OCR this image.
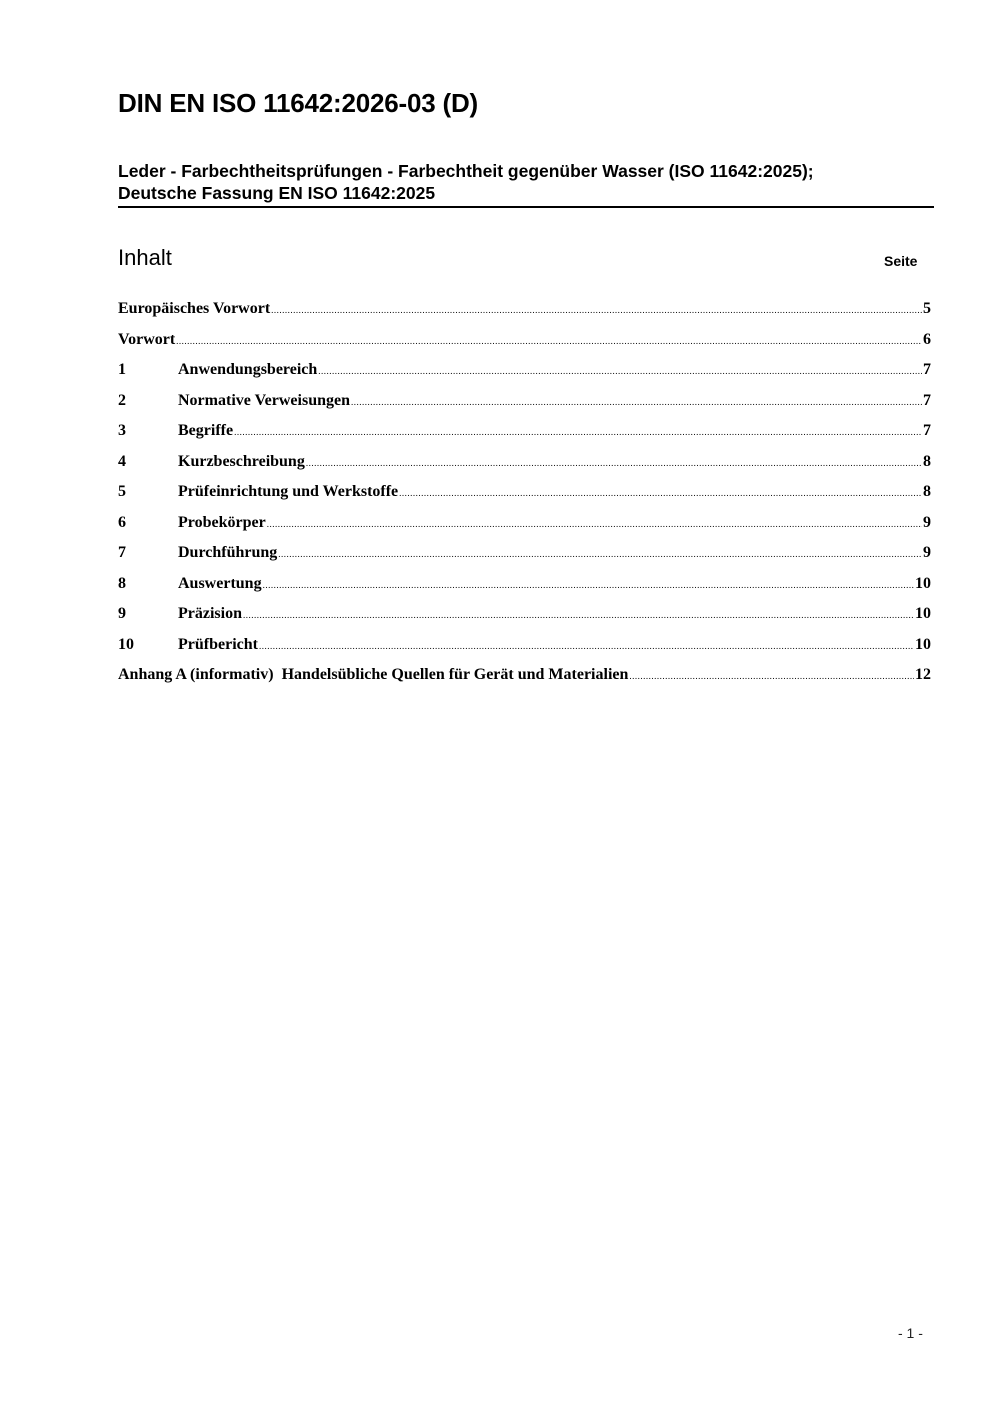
DIN EN ISO 11642:2026-03 (D)
Leder - Farbechtheitsprüfungen - Farbechtheit gegenüber Wasser (ISO 11642:2025);
Deutsche Fassung EN ISO 11642:2025
Inhalt	Seite
Europäisches Vorwort .....	5
Vorwort .....	6
1	Anwendungsbereich .....	7
2	Normative Verweisungen .....	7
3	Begriffe .....	7
4	Kurzbeschreibung .....	8
5	Prüfeinrichtung und Werkstoffe .....	8
6	Probekörper .....	9
7	Durchführung .....	9
8	Auswertung .....	10
9	Präzision .....	10
10	Prüfbericht .....	10
Anhang A (informativ)  Handelsübliche Quellen für Gerät und Materialien .....	12
- 1 -
